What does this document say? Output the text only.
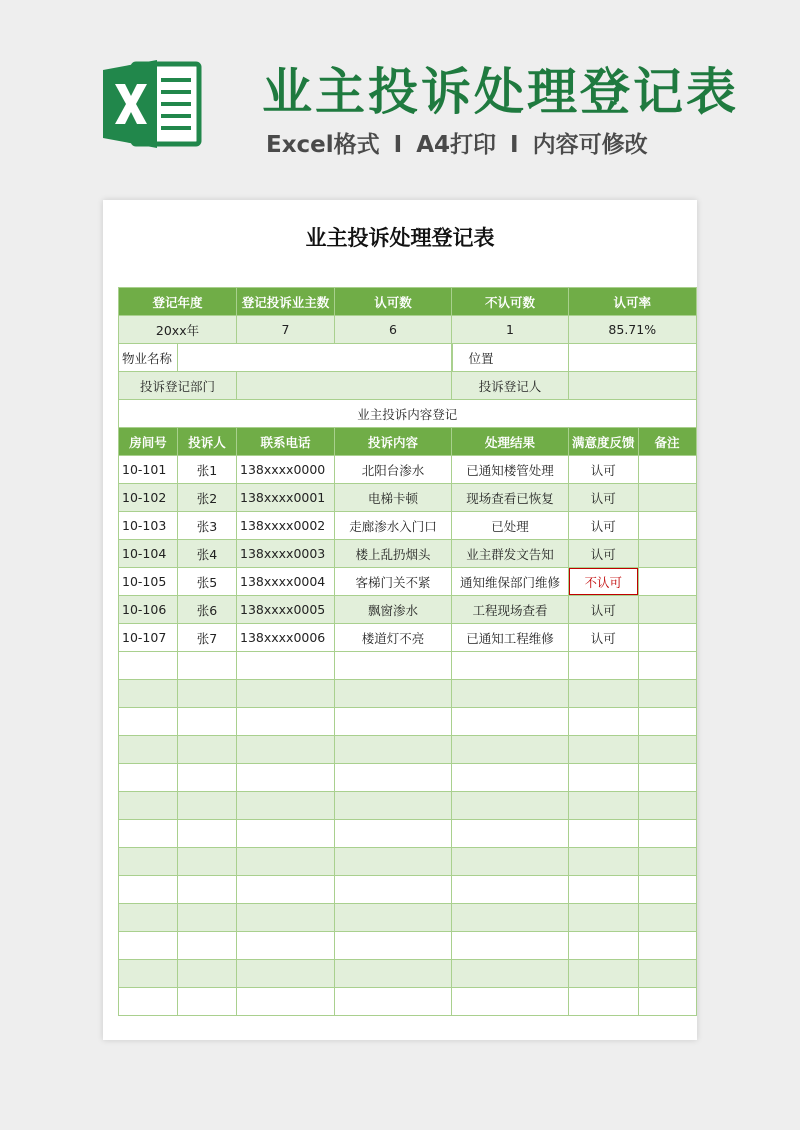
业主投诉处理登记表
Excel格式 I A4打印 I 内容可修改
业主投诉处理登记表
登记年度		登记投诉业主数	认可数	不认可数	认可率	
20xx年		7	6	1	85.71%	
物业名称				位置		
投诉登记部门				投诉登记人		
业主投诉内容登记						
房间号	投诉人	联系电话	投诉内容	处理结果	满意度反馈	备注
10-101	张1	138xxxx0000	北阳台渗水	已通知楼管处理	认可	
10-102	张2	138xxxx0001	电梯卡顿	现场查看已恢复	认可	
10-103	张3	138xxxx0002	走廊渗水入门口	已处理	认可	
10-104	张4	138xxxx0003	楼上乱扔烟头	业主群发文告知	认可	
10-105	张5	138xxxx0004	客梯门关不紧	通知维保部门维修	不认可	
10-106	张6	138xxxx0005	飘窗渗水	工程现场查看	认可	
10-107	张7	138xxxx0006	楼道灯不亮	已通知工程维修	认可	
